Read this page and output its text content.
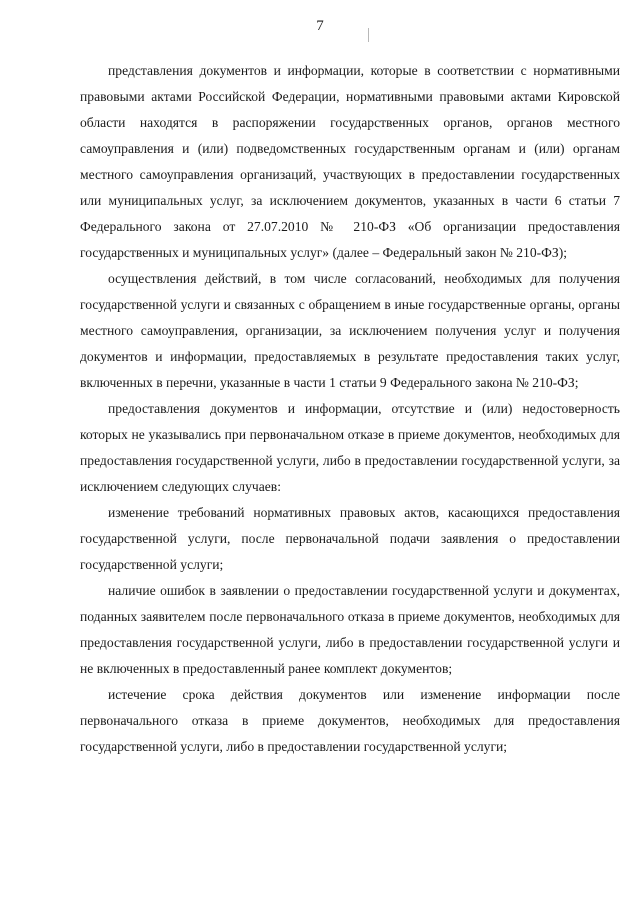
7

представления документов и информации, которые в соответствии с нормативными правовыми актами Российской Федерации, нормативными правовыми актами Кировской области находятся в распоряжении государственных органов, органов местного самоуправления и (или) подведомственных государственным органам и (или) органам местного самоуправления организаций, участвующих в предоставлении государственных или муниципальных услуг, за исключением документов, указанных в части 6 статьи 7 Федерального закона от 27.07.2010 № 210-ФЗ «Об организации предоставления государственных и муниципальных услуг» (далее – Федеральный закон № 210-ФЗ);

осуществления действий, в том числе согласований, необходимых для получения государственной услуги и связанных с обращением в иные государственные органы, органы местного самоуправления, организации, за исключением получения услуг и получения документов и информации, предоставляемых в результате предоставления таких услуг, включенных в перечни, указанные в части 1 статьи 9 Федерального закона № 210-ФЗ;

предоставления документов и информации, отсутствие и (или) недостоверность которых не указывались при первоначальном отказе в приеме документов, необходимых для предоставления государственной услуги, либо в предоставлении государственной услуги, за исключением следующих случаев:

изменение требований нормативных правовых актов, касающихся предоставления государственной услуги, после первоначальной подачи заявления о предоставлении государственной услуги;

наличие ошибок в заявлении о предоставлении государственной услуги и документах, поданных заявителем после первоначального отказа в приеме документов, необходимых для предоставления государственной услуги, либо в предоставлении государственной услуги и не включенных в предоставленный ранее комплект документов;

истечение срока действия документов или изменение информации после первоначального отказа в приеме документов, необходимых для предоставления государственной услуги, либо в предоставлении государственной услуги;
